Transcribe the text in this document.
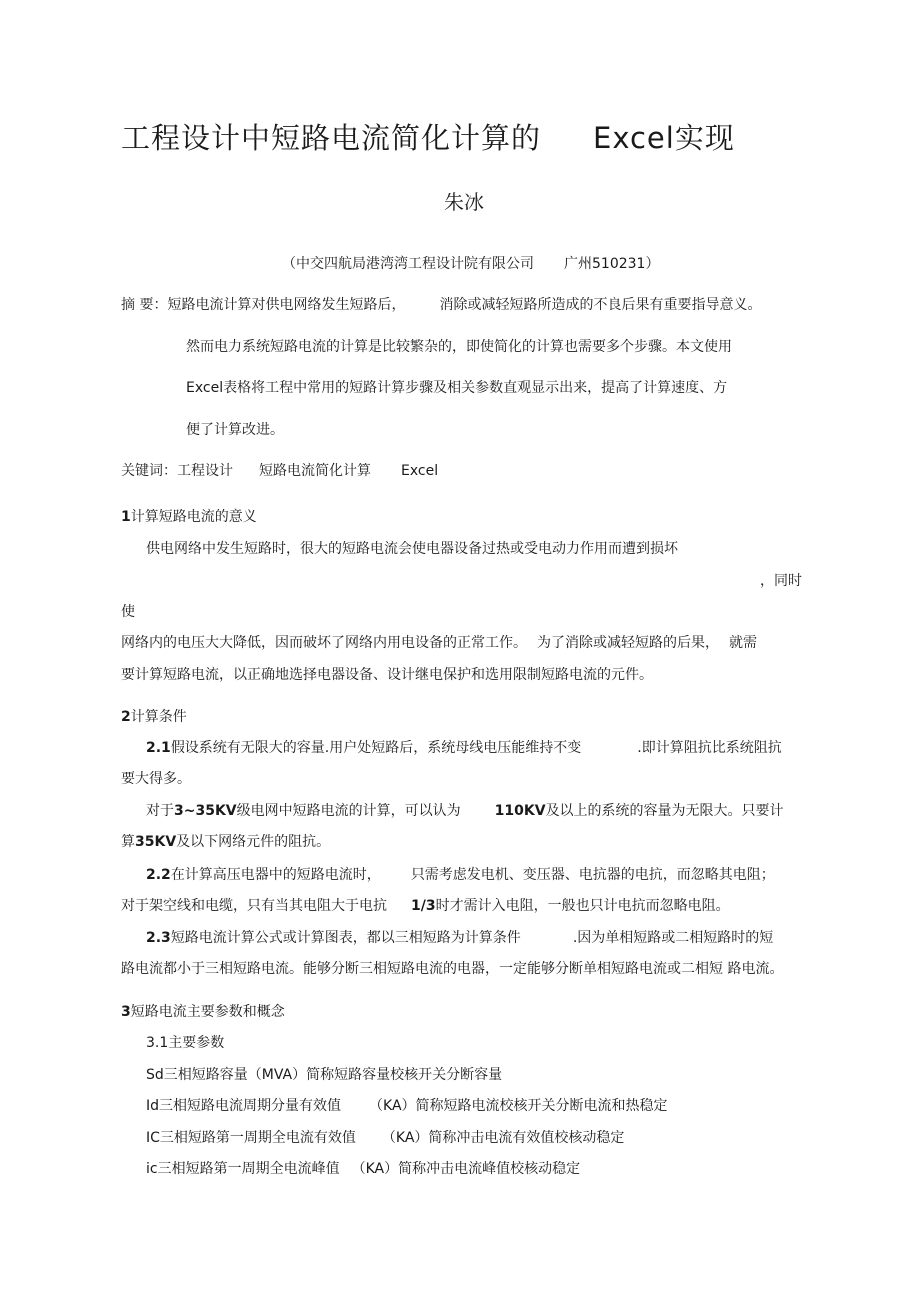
工程设计中短路电流简化计算的 Excel实现
朱冰
（中交四航局港湾湾工程设计院有限公司 广州510231）
摘 要：短路电流计算对供电网络发生短路后， 消除或减轻短路所造成的不良后果有重要指导意义。
然而电力系统短路电流的计算是比较繁杂的，即使简化的计算也需要多个步骤。本文使用
Excel表格将工程中常用的短路计算步骤及相关参数直观显示出来，提高了计算速度、方
便了计算改进。
关键词：工程设计 短路电流简化计算 Excel
1计算短路电流的意义
供电网络中发生短路时，很大的短路电流会使电器设备过热或受电动力作用而遭到损坏
，同时
使
网络内的电压大大降低，因而破坏了网络内用电设备的正常工作。 为了消除或减轻短路的后果， 就需
要计算短路电流，以正确地选择电器设备、设计继电保护和选用限制短路电流的元件。
2计算条件
2.1假设系统有无限大的容量.用户处短路后，系统母线电压能维持不变	.即计算阻抗比系统阻抗
要大得多。
对于3~35KV级电网中短路电流的计算，可以认为 110KV及以上的系统的容量为无限大。只要计
算35KV及以下网络元件的阻抗。
2.2在计算高压电器中的短路电流时， 只需考虑发电机、变压器、电抗器的电抗，而忽略其电阻；
对于架空线和电缆，只有当其电阻大于电抗 1/3时才需计入电阻，一般也只计电抗而忽略电阻。
2.3短路电流计算公式或计算图表，都以三相短路为计算条件	.因为单相短路或二相短路时的短
路电流都小于三相短路电流。能够分断三相短路电流的电器，一定能够分断单相短路电流或二相短 路电流。
3短路电流主要参数和概念
3.1主要参数
Sd三相短路容量（MVA）简称短路容量校核开关分断容量
Id三相短路电流周期分量有效值 （KA）简称短路电流校核开关分断电流和热稳定
IC三相短路第一周期全电流有效值 （KA）简称冲击电流有效值校核动稳定
ic三相短路第一周期全电流峰值 （KA）简称冲击电流峰值校核动稳定
